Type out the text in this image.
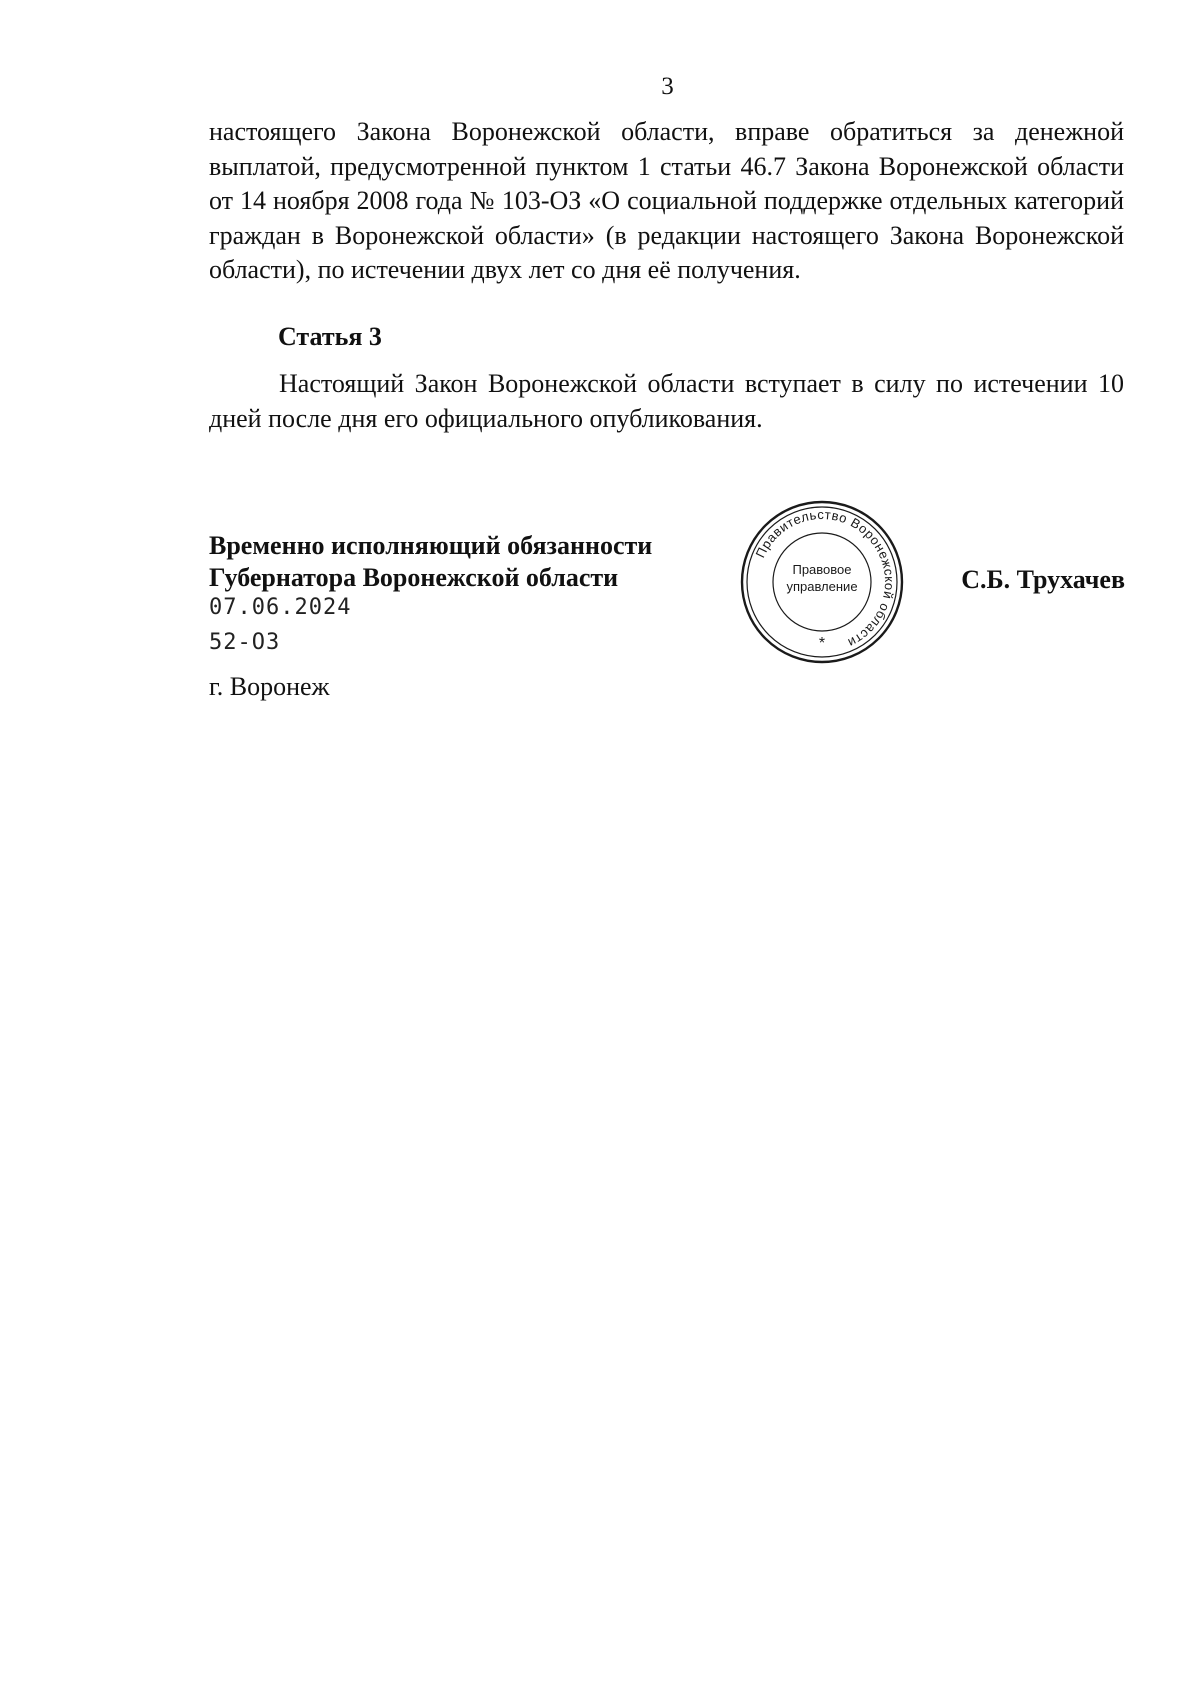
3

настоящего Закона Воронежской области, вправе обратиться за денежной выплатой, предусмотренной пунктом 1 статьи 46.7 Закона Воронежской области от 14 ноября 2008 года № 103-ОЗ «О социальной поддержке отдельных категорий граждан в Воронежской области» (в редакции настоящего Закона Воронежской области), по истечении двух лет со дня её получения.

Статья 3

Настоящий Закон Воронежской области вступает в силу по истечении 10 дней после дня его официального опубликования.

Временно исполняющий обязанности
Губернатора Воронежской области
07.06.2024
52-ОЗ
г. Воронеж
Правительство Воронежской области
*
Правовое
управление	С.Б. Трухачев
